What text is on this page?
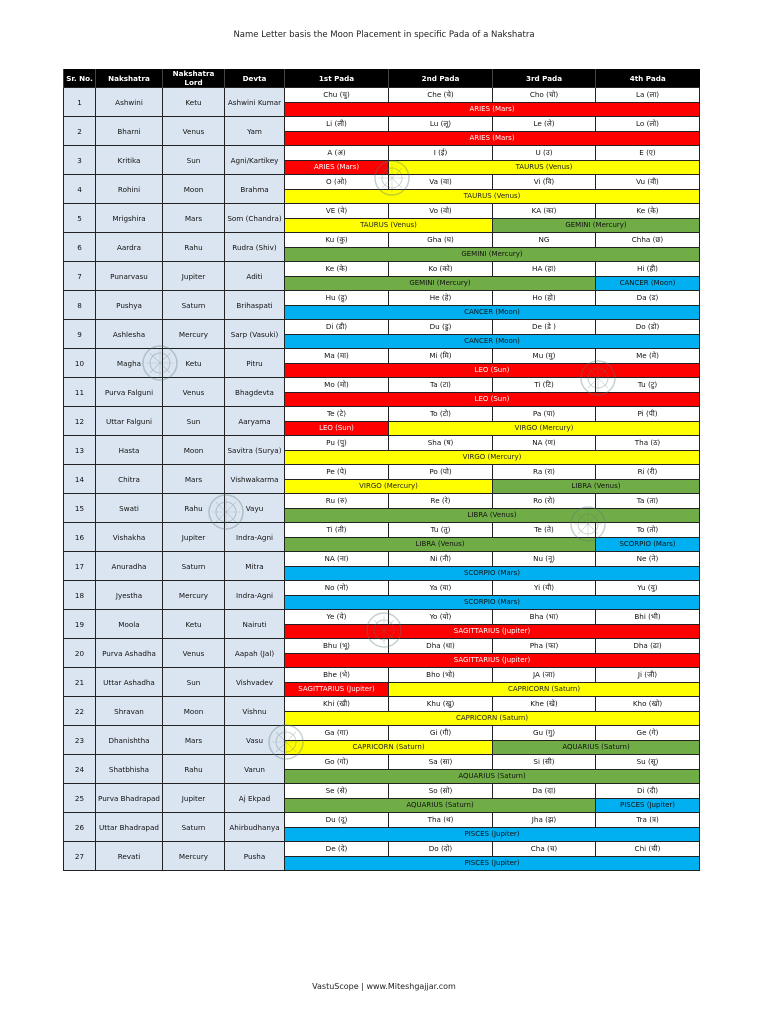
Name Letter basis the Moon Placement in specific Pada of a Nakshatra
Sr. No.	Nakshatra	Nakshatra Lord	Devta	1st Pada	2nd Pada	3rd Pada	4th Pada
1	Ashwini	Ketu	Ashwini Kumar	Chu (चु)	Che (चे)	Cho (चो)	La (ला)
				ARIES (Mars)			
2	Bharni	Venus	Yam	Li (ली)	Lu (लू)	Le (ले)	Lo (लो)
				ARIES (Mars)			
3	Kritika	Sun	Agni/Kartikey	A (अ)	I (ई)	U (उ)	E (ए)
				ARIES (Mars)	TAURUS (Venus)		
4	Rohini	Moon	Brahma	O (ओ)	Va (वा)	Vi (वि)	Vu (वी)
				TAURUS (Venus)			
5	Mrigshira	Mars	Som (Chandra)	VE (वे)	Vo (वो)	KA (का)	Ke (के)
				TAURUS (Venus)		GEMINI (Mercury)	
6	Aardra	Rahu	Rudra (Shiv)	Ku (कु)	Gha (घ)	NG	Chha (छ)
				GEMINI (Mercury)			
7	Punarvasu	Jupiter	Aditi	Ke (के)	Ko (को)	HA (हा)	Hi (ही)
				GEMINI (Mercury)			CANCER (Moon)
8	Pushya	Saturn	Brihaspati	Hu (हु)	He (हे)	Ho (हो)	Da (ड)
				CANCER (Moon)			
9	Ashlesha	Mercury	Sarp (Vasuki)	Di (डी)	Du (डु)	De (डे )	Do (डो)
				CANCER (Moon)			
10	Magha	Ketu	Pitru	Ma (मा)	Mi (मि)	Mu (मु)	Me (मे)
				LEO (Sun)			
11	Purva Falguni	Venus	Bhagdevta	Mo (मो)	Ta (टा)	Ti (टि)	Tu (टु)
				LEO (Sun)			
12	Uttar Falguni	Sun	Aaryama	Te (टे)	To (टो)	Pa (पा)	Pi (पी)
				LEO (Sun)	VIRGO (Mercury)		
13	Hasta	Moon	Savitra (Surya)	Pu (पु)	Sha (ष)	NA (ण)	Tha (ठ)
				VIRGO (Mercury)			
14	Chitra	Mars	Vishwakarma	Pe (पे)	Po (पो)	Ra (रा)	Ri (री)
				VIRGO (Mercury)		LIBRA (Venus)	
15	Swati	Rahu	Vayu	Ru (रु)	Re (रे)	Ro (रो)	Ta (ता)
				LIBRA (Venus)			
16	Vishakha	Jupiter	Indra-Agni	Ti (ती)	Tu (तु)	Te (ते)	To (तो)
				LIBRA (Venus)			SCORPIO (Mars)
17	Anuradha	Saturn	Mitra	NA (ना)	Ni (नी)	Nu (नू)	Ne (ने)
				SCORPIO (Mars)			
18	Jyestha	Mercury	Indra-Agni	No (नो)	Ya (या)	Yi (यी)	Yu (यु)
				SCORPIO (Mars)			
19	Moola	Ketu	Nairuti	Ye (ये)	Yo (यो)	Bha (भा)	Bhi (भी)
				SAGITTARIUS (Jupiter)			
20	Purva Ashadha	Venus	Aapah (Jal)	Bhu (भू)	Dha (धा)	Pha (फा)	Dha (ढा)
				SAGITTARIUS (Jupiter)			
21	Uttar Ashadha	Sun	Vishvadev	Bhe (भे)	Bho (भो)	JA (जा)	Ji (जी)
				SAGITTARIUS (Jupiter)	CAPRICORN (Saturn)		
22	Shravan	Moon	Vishnu	Khi (खी)	Khu (खु)	Khe (खे)	Kho (खो)
				CAPRICORN (Saturn)			
23	Dhanishtha	Mars	Vasu	Ga (गा)	Gi (गी)	Gu (गु)	Ge (गे)
				CAPRICORN (Saturn)		AQUARIUS (Saturn)	
24	Shatbhisha	Rahu	Varun	Go (गो)	Sa (सा)	Si (सी)	Su (सू)
				AQUARIUS (Saturn)			
25	Purva Bhadrapad	Jupiter	Aj Ekpad	Se (से)	So (सो)	Da (दा)	Di (दी)
				AQUARIUS (Saturn)			PISCES (Jupiter)
26	Uttar Bhadrapad	Saturn	Ahirbudhanya	Du (दू)	Tha (थ)	Jha (झ)	Tra (त्र)
				PISCES (Jupiter)			
27	Revati	Mercury	Pusha	De (दे)	Do (दो)	Cha (च)	Chi (ची)
				PISCES (Jupiter)			
VastuScope | www.Miteshgajjar.com
